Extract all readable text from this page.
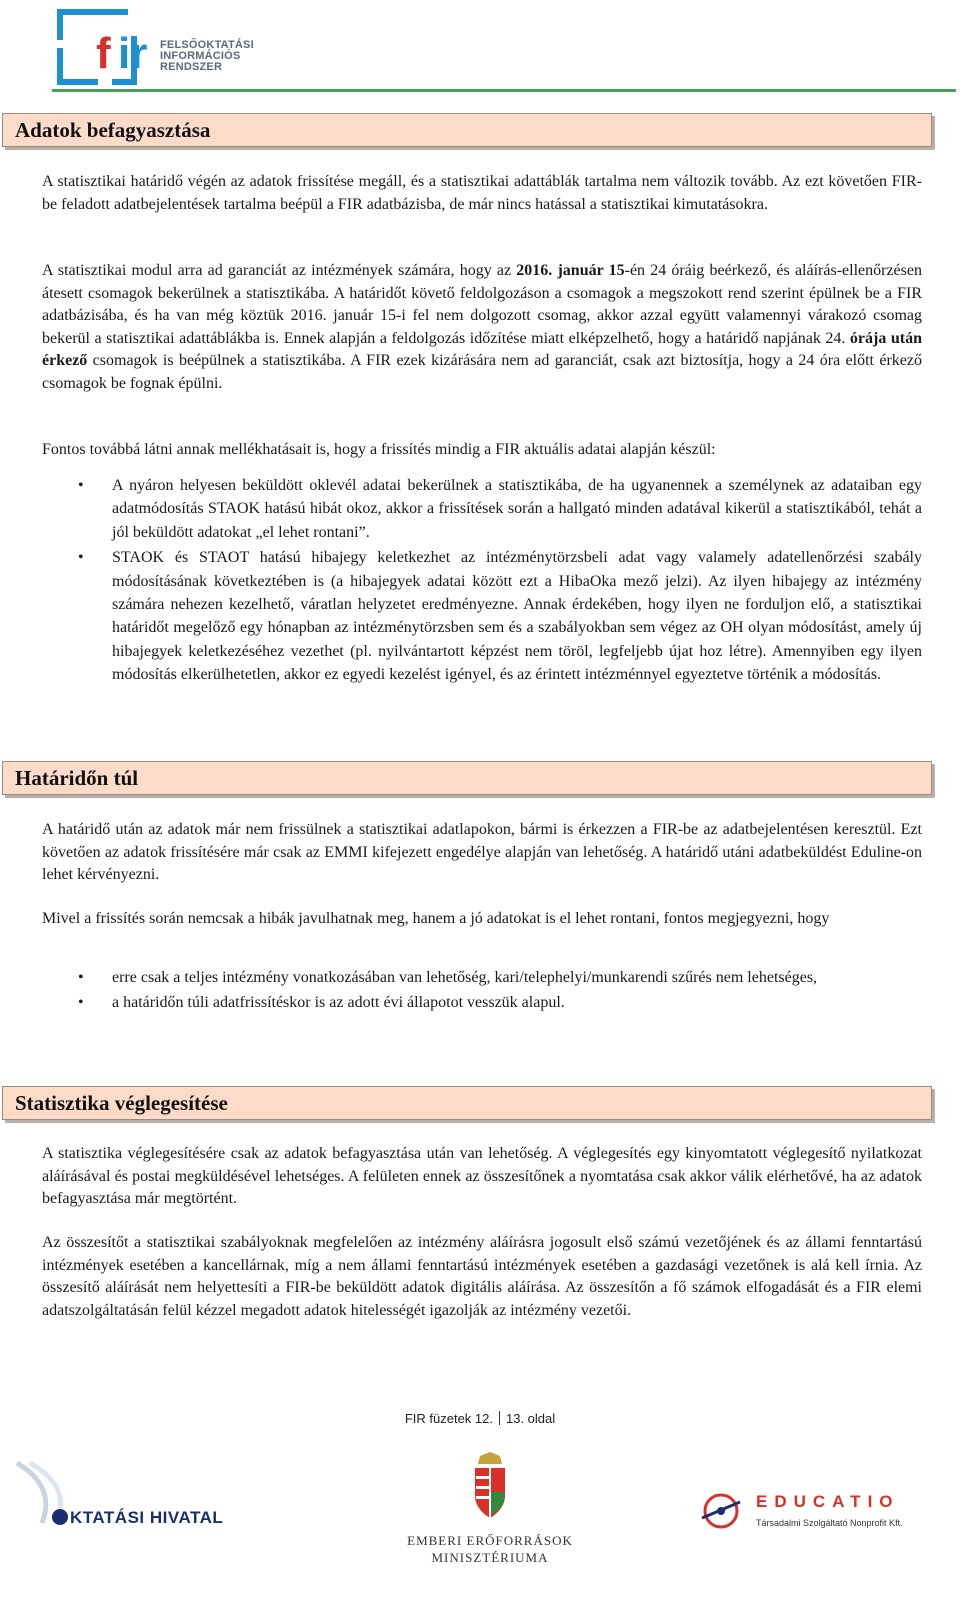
f ir FELSŐOKTATÁSI
INFORMÁCIÓS
RENDSZER
Adatok befagyasztása

A statisztikai határidő végén az adatok frissítése megáll, és a statisztikai adattáblák tartalma nem változik tovább. Az ezt követően FIR-be feladott adatbejelentések tartalma beépül a FIR adatbázisba, de már nincs hatással a statisztikai kimutatásokra.

A statisztikai modul arra ad garanciát az intézmények számára, hogy az 2016. január 15-én 24 óráig beérkező, és aláírás-ellenőrzésen átesett csomagok bekerülnek a statisztikába. A határidőt követő feldolgozáson a csomagok a megszokott rend szerint épülnek be a FIR adatbázisába, és ha van még köztük 2016. január 15-i fel nem dolgozott csomag, akkor azzal együtt valamennyi várakozó csomag bekerül a statisztikai adattáblákba is. Ennek alapján a feldolgozás időzítése miatt elképzelhető, hogy a határidő napjának 24. órája után érkező csomagok is beépülnek a statisztikába. A FIR ezek kizárására nem ad garanciát, csak azt biztosítja, hogy a 24 óra előtt érkező csomagok be fognak épülni.

Fontos továbbá látni annak mellékhatásait is, hogy a frissítés mindig a FIR aktuális adatai alapján készül:

• A nyáron helyesen beküldött oklevél adatai bekerülnek a statisztikába, de ha ugyanennek a személynek az adataiban egy adatmódosítás STAOK hatású hibát okoz, akkor a frissítések során a hallgató minden adatával kikerül a statisztikából, tehát a jól beküldött adatokat „el lehet rontani”.
• STAOK és STAOT hatású hibajegy keletkezhet az intézménytörzsbeli adat vagy valamely adatellenőrzési szabály módosításának következtében is (a hibajegyek adatai között ezt a HibaOka mező jelzi). Az ilyen hibajegy az intézmény számára nehezen kezelhető, váratlan helyzetet eredményezne. Annak érdekében, hogy ilyen ne forduljon elő, a statisztikai határidőt megelőző egy hónapban az intézménytörzsben sem és a szabályokban sem végez az OH olyan módosítást, amely új hibajegyek keletkezéséhez vezethet (pl. nyilvántartott képzést nem töröl, legfeljebb újat hoz létre). Amennyiben egy ilyen módosítás elkerülhetetlen, akkor ez egyedi kezelést igényel, és az érintett intézménnyel egyeztetve történik a módosítás.
Határidőn túl

A határidő után az adatok már nem frissülnek a statisztikai adatlapokon, bármi is érkezzen a FIR-be az adatbejelentésen keresztül. Ezt követően az adatok frissítésére már csak az EMMI kifejezett engedélye alapján van lehetőség. A határidő utáni adatbeküldést Eduline-on lehet kérvényezni.

Mivel a frissítés során nemcsak a hibák javulhatnak meg, hanem a jó adatokat is el lehet rontani, fontos megjegyezni, hogy

• erre csak a teljes intézmény vonatkozásában van lehetőség, kari/telephelyi/munkarendi szűrés nem lehetséges,
• a határidőn túli adatfrissítéskor is az adott évi állapotot vesszük alapul.
Statisztika véglegesítése

A statisztika véglegesítésére csak az adatok befagyasztása után van lehetőség. A véglegesítés egy kinyomtatott véglegesítő nyilatkozat aláírásával és postai megküldésével lehetséges. A felületen ennek az összesítőnek a nyomtatása csak akkor válik elérhetővé, ha az adatok befagyasztása már megtörtént.

Az összesítőt a statisztikai szabályoknak megfelelően az intézmény aláírásra jogosult első számú vezetőjének és az állami fenntartású intézmények esetében a kancellárnak, míg a nem állami fenntartású intézmények esetében a gazdasági vezetőnek is alá kell írnia. Az összesítő aláírását nem helyettesíti a FIR-be beküldött adatok digitális aláírása. Az összesítőn a fő számok elfogadását és a FIR elemi adatszolgáltatásán felül kézzel megadott adatok hitelességét igazolják az intézmény vezetői.

FIR füzetek 12. 13. oldal
KTATÁSI HIVATAL
EMBERI ERŐFORRÁSOK
MINISZTÉRIUMA
EDUCATIO
Társadalmi Szolgáltató Nonprofit Kft.
